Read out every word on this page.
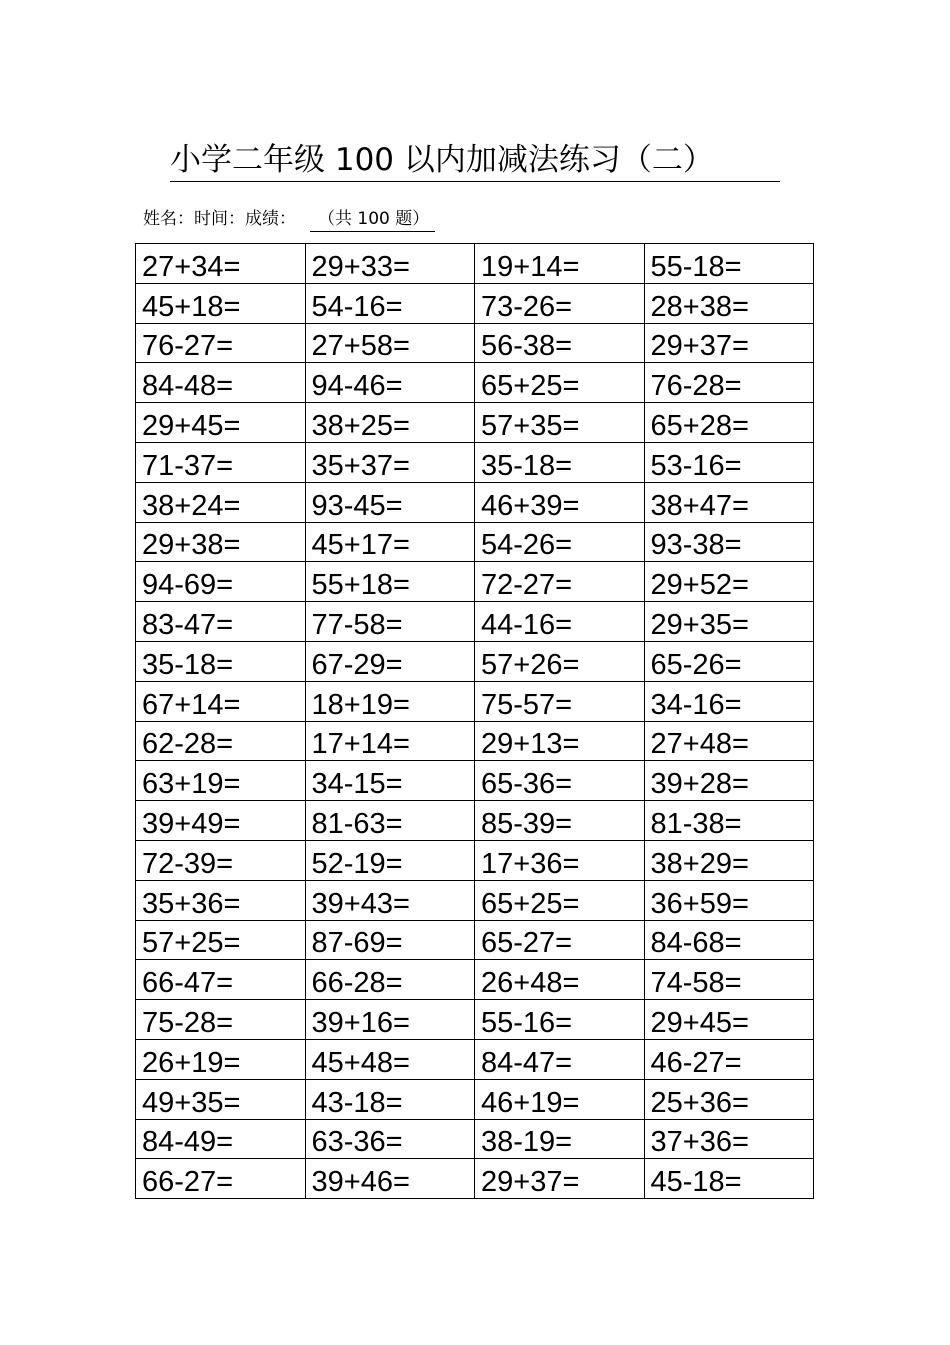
小学二年级 100 以内加减法练习（二）
姓名：时间：成绩： （共 100 题）
27+34=	29+33=	19+14=	55-18=
45+18=	54-16=	73-26=	28+38=
76-27=	27+58=	56-38=	29+37=
84-48=	94-46=	65+25=	76-28=
29+45=	38+25=	57+35=	65+28=
71-37=	35+37=	35-18=	53-16=
38+24=	93-45=	46+39=	38+47=
29+38=	45+17=	54-26=	93-38=
94-69=	55+18=	72-27=	29+52=
83-47=	77-58=	44-16=	29+35=
35-18=	67-29=	57+26=	65-26=
67+14=	18+19=	75-57=	34-16=
62-28=	17+14=	29+13=	27+48=
63+19=	34-15=	65-36=	39+28=
39+49=	81-63=	85-39=	81-38=
72-39=	52-19=	17+36=	38+29=
35+36=	39+43=	65+25=	36+59=
57+25=	87-69=	65-27=	84-68=
66-47=	66-28=	26+48=	74-58=
75-28=	39+16=	55-16=	29+45=
26+19=	45+48=	84-47=	46-27=
49+35=	43-18=	46+19=	25+36=
84-49=	63-36=	38-19=	37+36=
66-27=	39+46=	29+37=	45-18=
